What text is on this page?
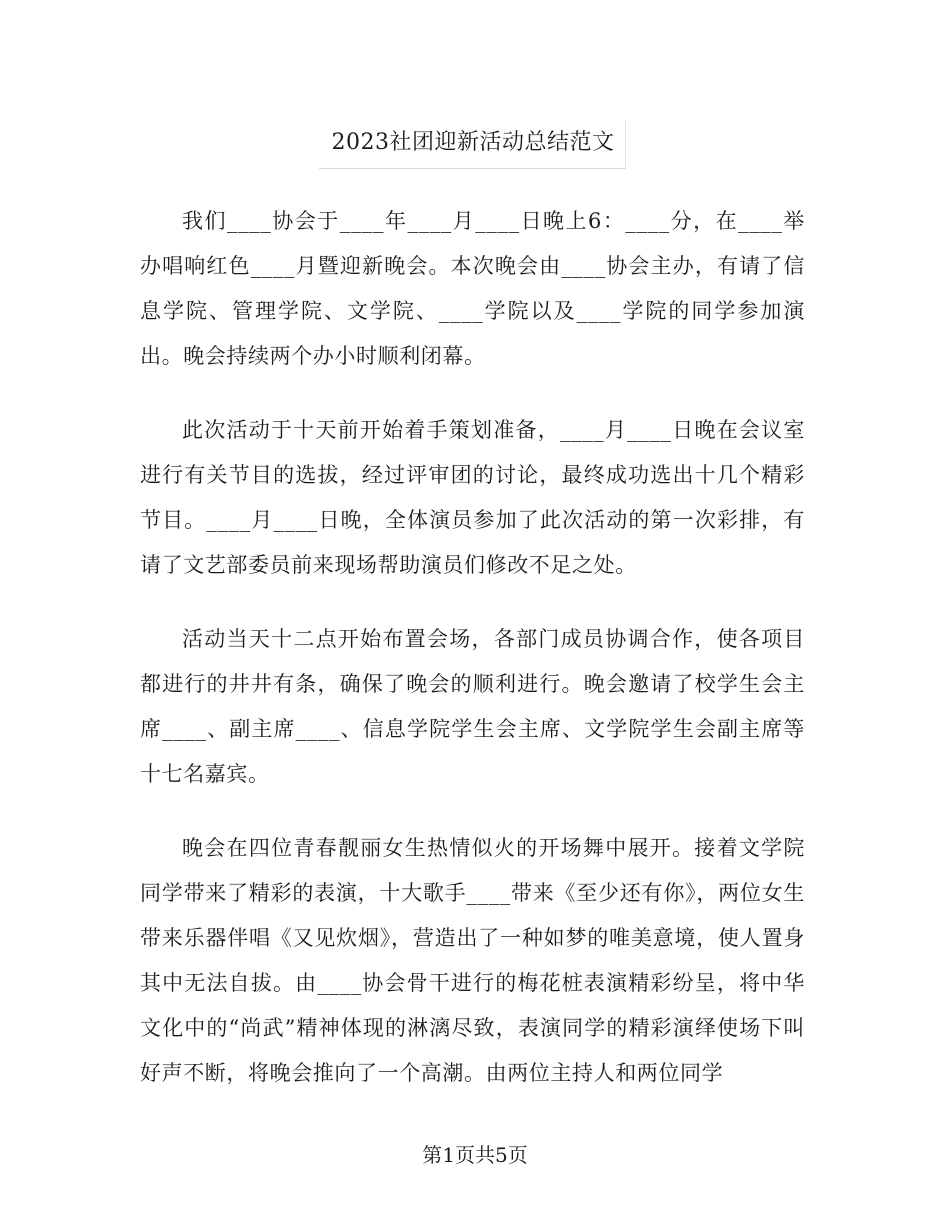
2023社团迎新活动总结范文

我们____协会于____年____月____日晚上6：____分，在____举办唱响红色____月暨迎新晚会。本次晚会由____协会主办，有请了信息学院、管理学院、文学院、____学院以及____学院的同学参加演出。晚会持续两个办小时顺利闭幕。

此次活动于十天前开始着手策划准备，____月____日晚在会议室进行有关节目的选拔，经过评审团的讨论，最终成功选出十几个精彩节目。____月____日晚，全体演员参加了此次活动的第一次彩排，有请了文艺部委员前来现场帮助演员们修改不足之处。

活动当天十二点开始布置会场，各部门成员协调合作，使各项目都进行的井井有条，确保了晚会的顺利进行。晚会邀请了校学生会主席____、副主席____、信息学院学生会主席、文学院学生会副主席等十七名嘉宾。

晚会在四位青春靓丽女生热情似火的开场舞中展开。接着文学院同学带来了精彩的表演，十大歌手____带来《至少还有你》，两位女生带来乐器伴唱《又见炊烟》，营造出了一种如梦的唯美意境，使人置身其中无法自拔。由____协会骨干进行的梅花桩表演精彩纷呈，将中华文化中的“尚武”精神体现的淋漓尽致，表演同学的精彩演绎使场下叫好声不断，将晚会推向了一个高潮。由两位主持人和两位同学

第1页共5页
